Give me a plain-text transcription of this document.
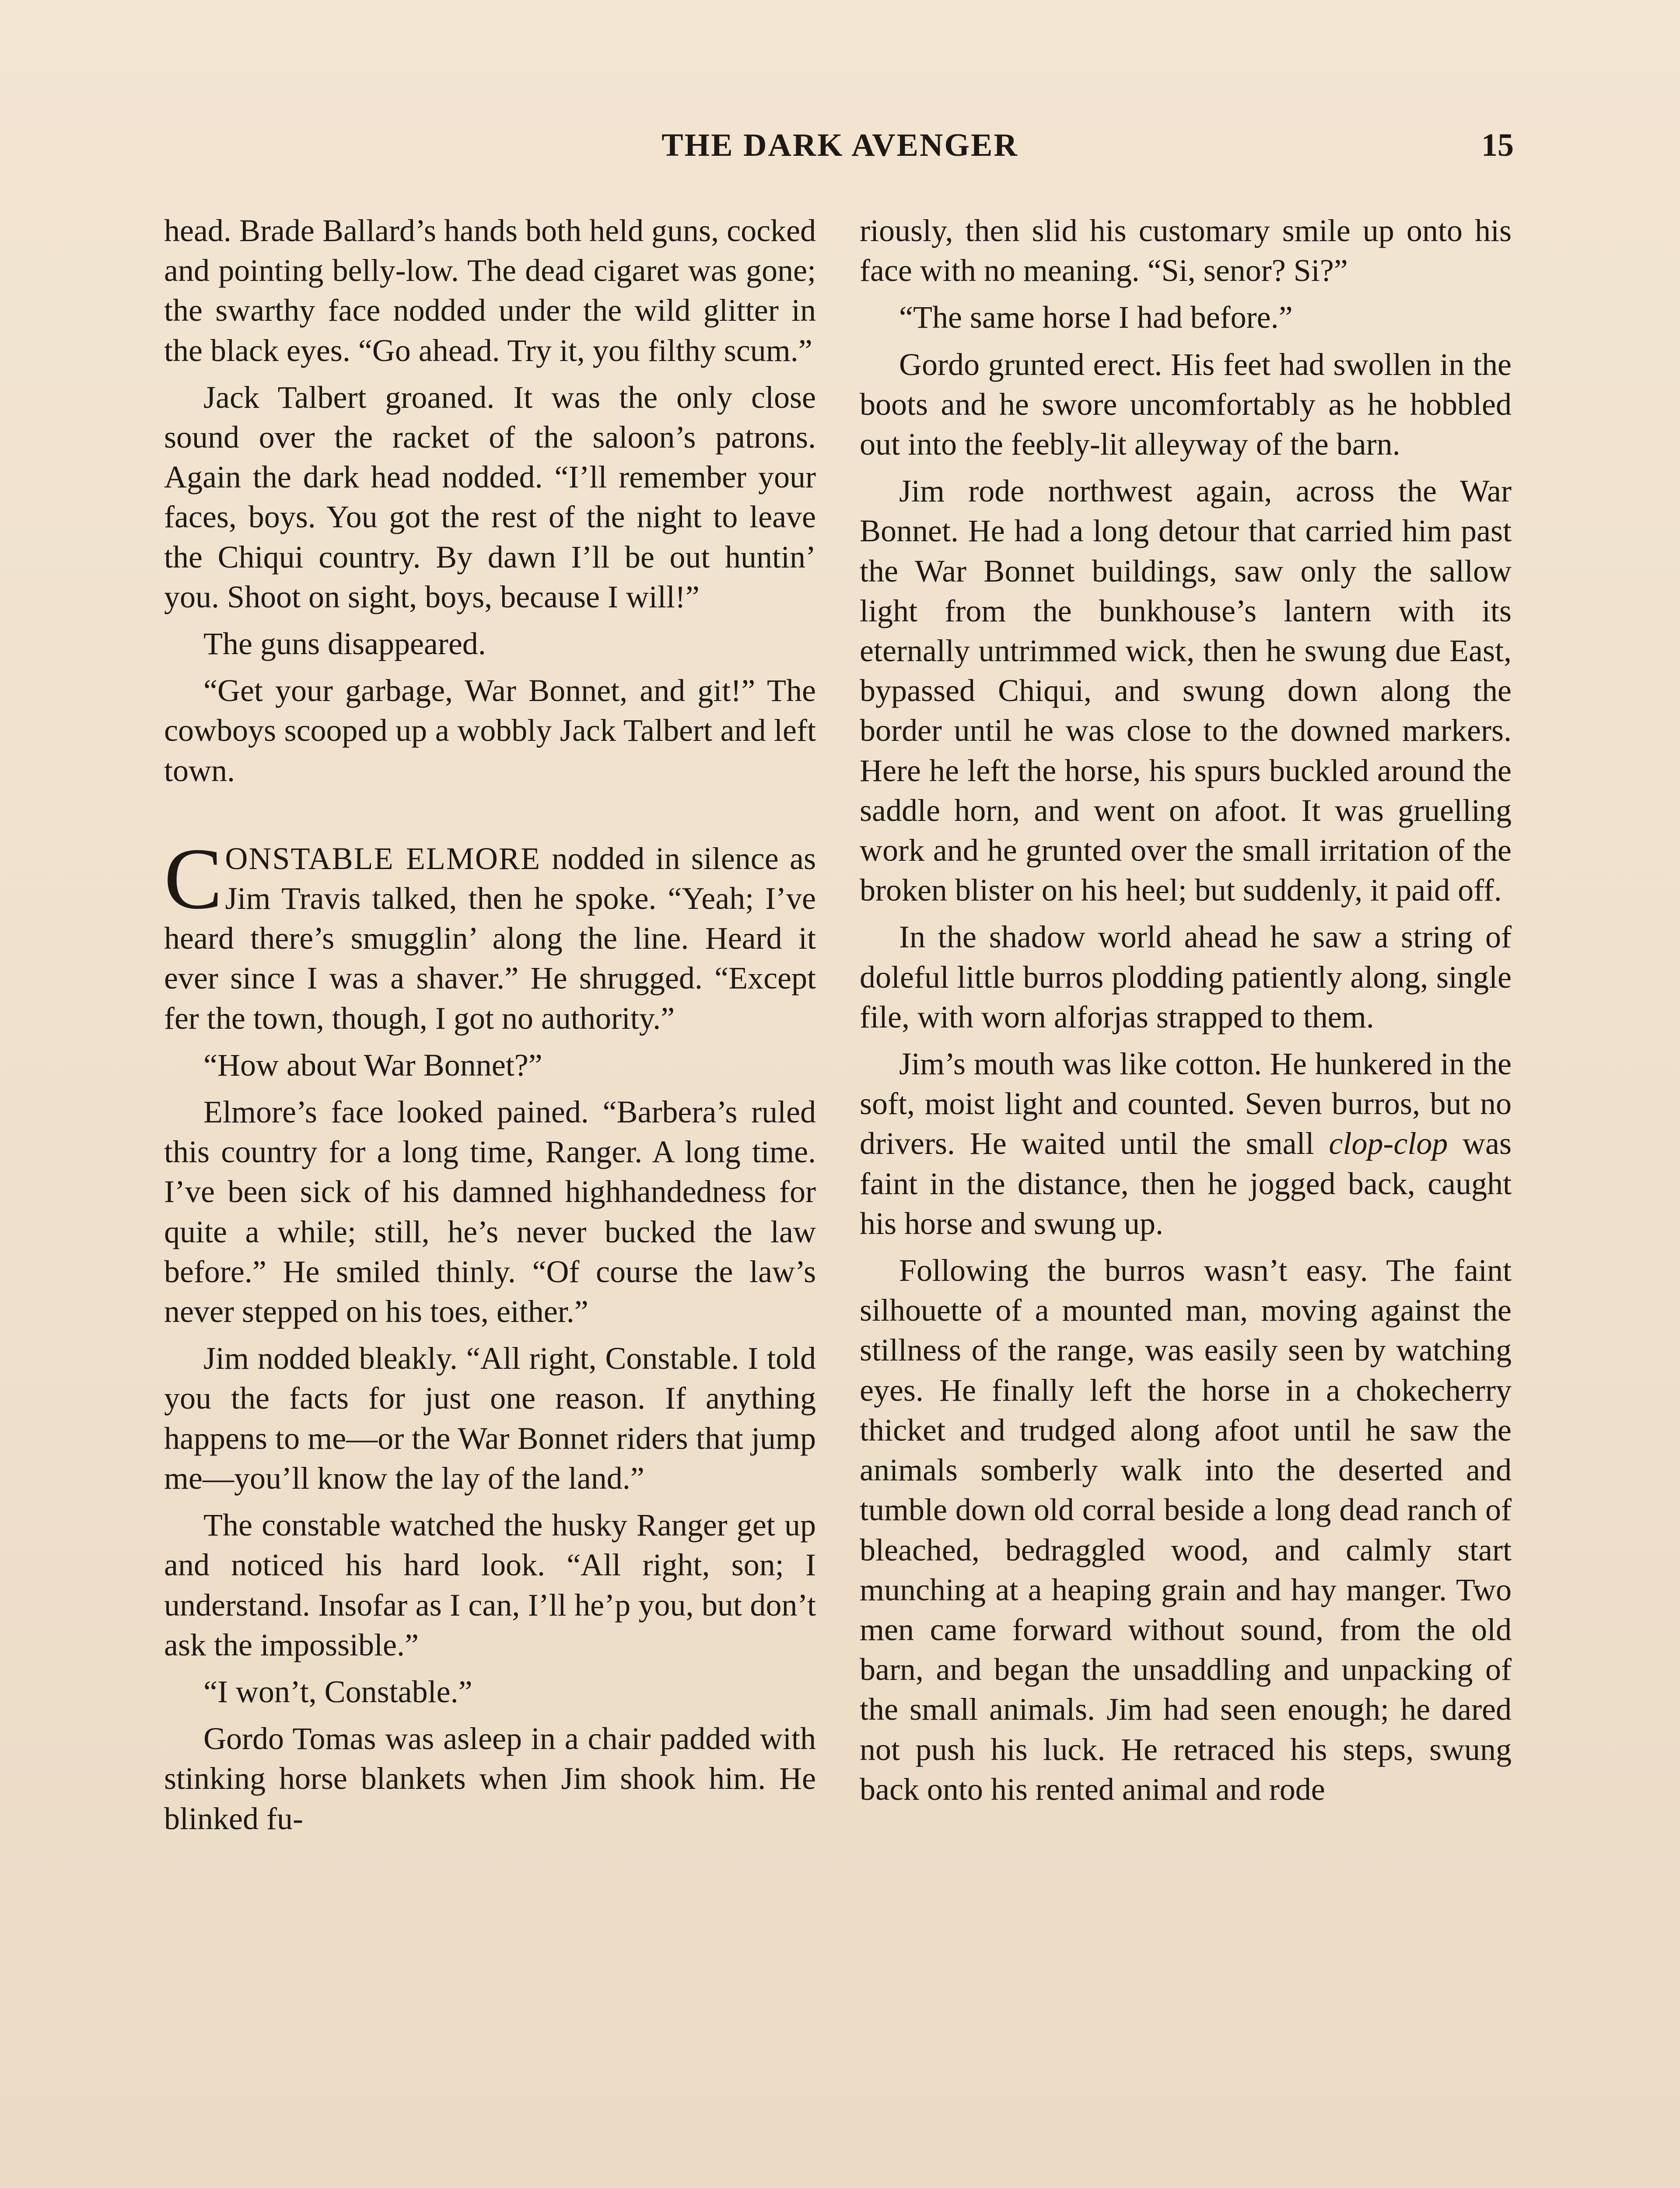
THE DARK AVENGER	15

head. Brade Ballard’s hands both held guns, cocked and pointing belly-low. The dead cigaret was gone; the swarthy face nodded under the wild glitter in the black eyes. “Go ahead. Try it, you filthy scum.”

Jack Talbert groaned. It was the only close sound over the racket of the saloon’s patrons. Again the dark head nodded. “I’ll remember your faces, boys. You got the rest of the night to leave the Chiqui country. By dawn I’ll be out huntin’ you. Shoot on sight, boys, because I will!”

The guns disappeared.

“Get your garbage, War Bonnet, and git!” The cowboys scooped up a wobbly Jack Talbert and left town.

CONSTABLE ELMORE nodded in silence as Jim Travis talked, then he spoke. “Yeah; I’ve heard there’s smugglin’ along the line. Heard it ever since I was a shaver.” He shrugged. “Except fer the town, though, I got no authority.”

“How about War Bonnet?”

Elmore’s face looked pained. “Barbera’s ruled this country for a long time, Ranger. A long time. I’ve been sick of his damned highhandedness for quite a while; still, he’s never bucked the law before.” He smiled thinly. “Of course the law’s never stepped on his toes, either.”

Jim nodded bleakly. “All right, Constable. I told you the facts for just one reason. If anything happens to me—or the War Bonnet riders that jump me—you’ll know the lay of the land.”

The constable watched the husky Ranger get up and noticed his hard look. “All right, son; I understand. Insofar as I can, I’ll he’p you, but don’t ask the impossible.”

“I won’t, Constable.”

Gordo Tomas was asleep in a chair padded with stinking horse blankets when Jim shook him. He blinked fu-

riously, then slid his customary smile up onto his face with no meaning. “Si, senor? Si?”

“The same horse I had before.”

Gordo grunted erect. His feet had swollen in the boots and he swore uncomfortably as he hobbled out into the feebly-lit alleyway of the barn.

Jim rode northwest again, across the War Bonnet. He had a long detour that carried him past the War Bonnet buildings, saw only the sallow light from the bunkhouse’s lantern with its eternally untrimmed wick, then he swung due East, bypassed Chiqui, and swung down along the border until he was close to the downed markers. Here he left the horse, his spurs buckled around the saddle horn, and went on afoot. It was gruelling work and he grunted over the small irritation of the broken blister on his heel; but suddenly, it paid off.

In the shadow world ahead he saw a string of doleful little burros plodding patiently along, single file, with worn alforjas strapped to them.

Jim’s mouth was like cotton. He hunkered in the soft, moist light and counted. Seven burros, but no drivers. He waited until the small clop-clop was faint in the distance, then he jogged back, caught his horse and swung up.

Following the burros wasn’t easy. The faint silhouette of a mounted man, moving against the stillness of the range, was easily seen by watching eyes. He finally left the horse in a chokecherry thicket and trudged along afoot until he saw the animals somberly walk into the deserted and tumble down old corral beside a long dead ranch of bleached, bedraggled wood, and calmly start munching at a heaping grain and hay manger. Two men came forward without sound, from the old barn, and began the unsaddling and unpacking of the small animals. Jim had seen enough; he dared not push his luck. He retraced his steps, swung back onto his rented animal and rode
